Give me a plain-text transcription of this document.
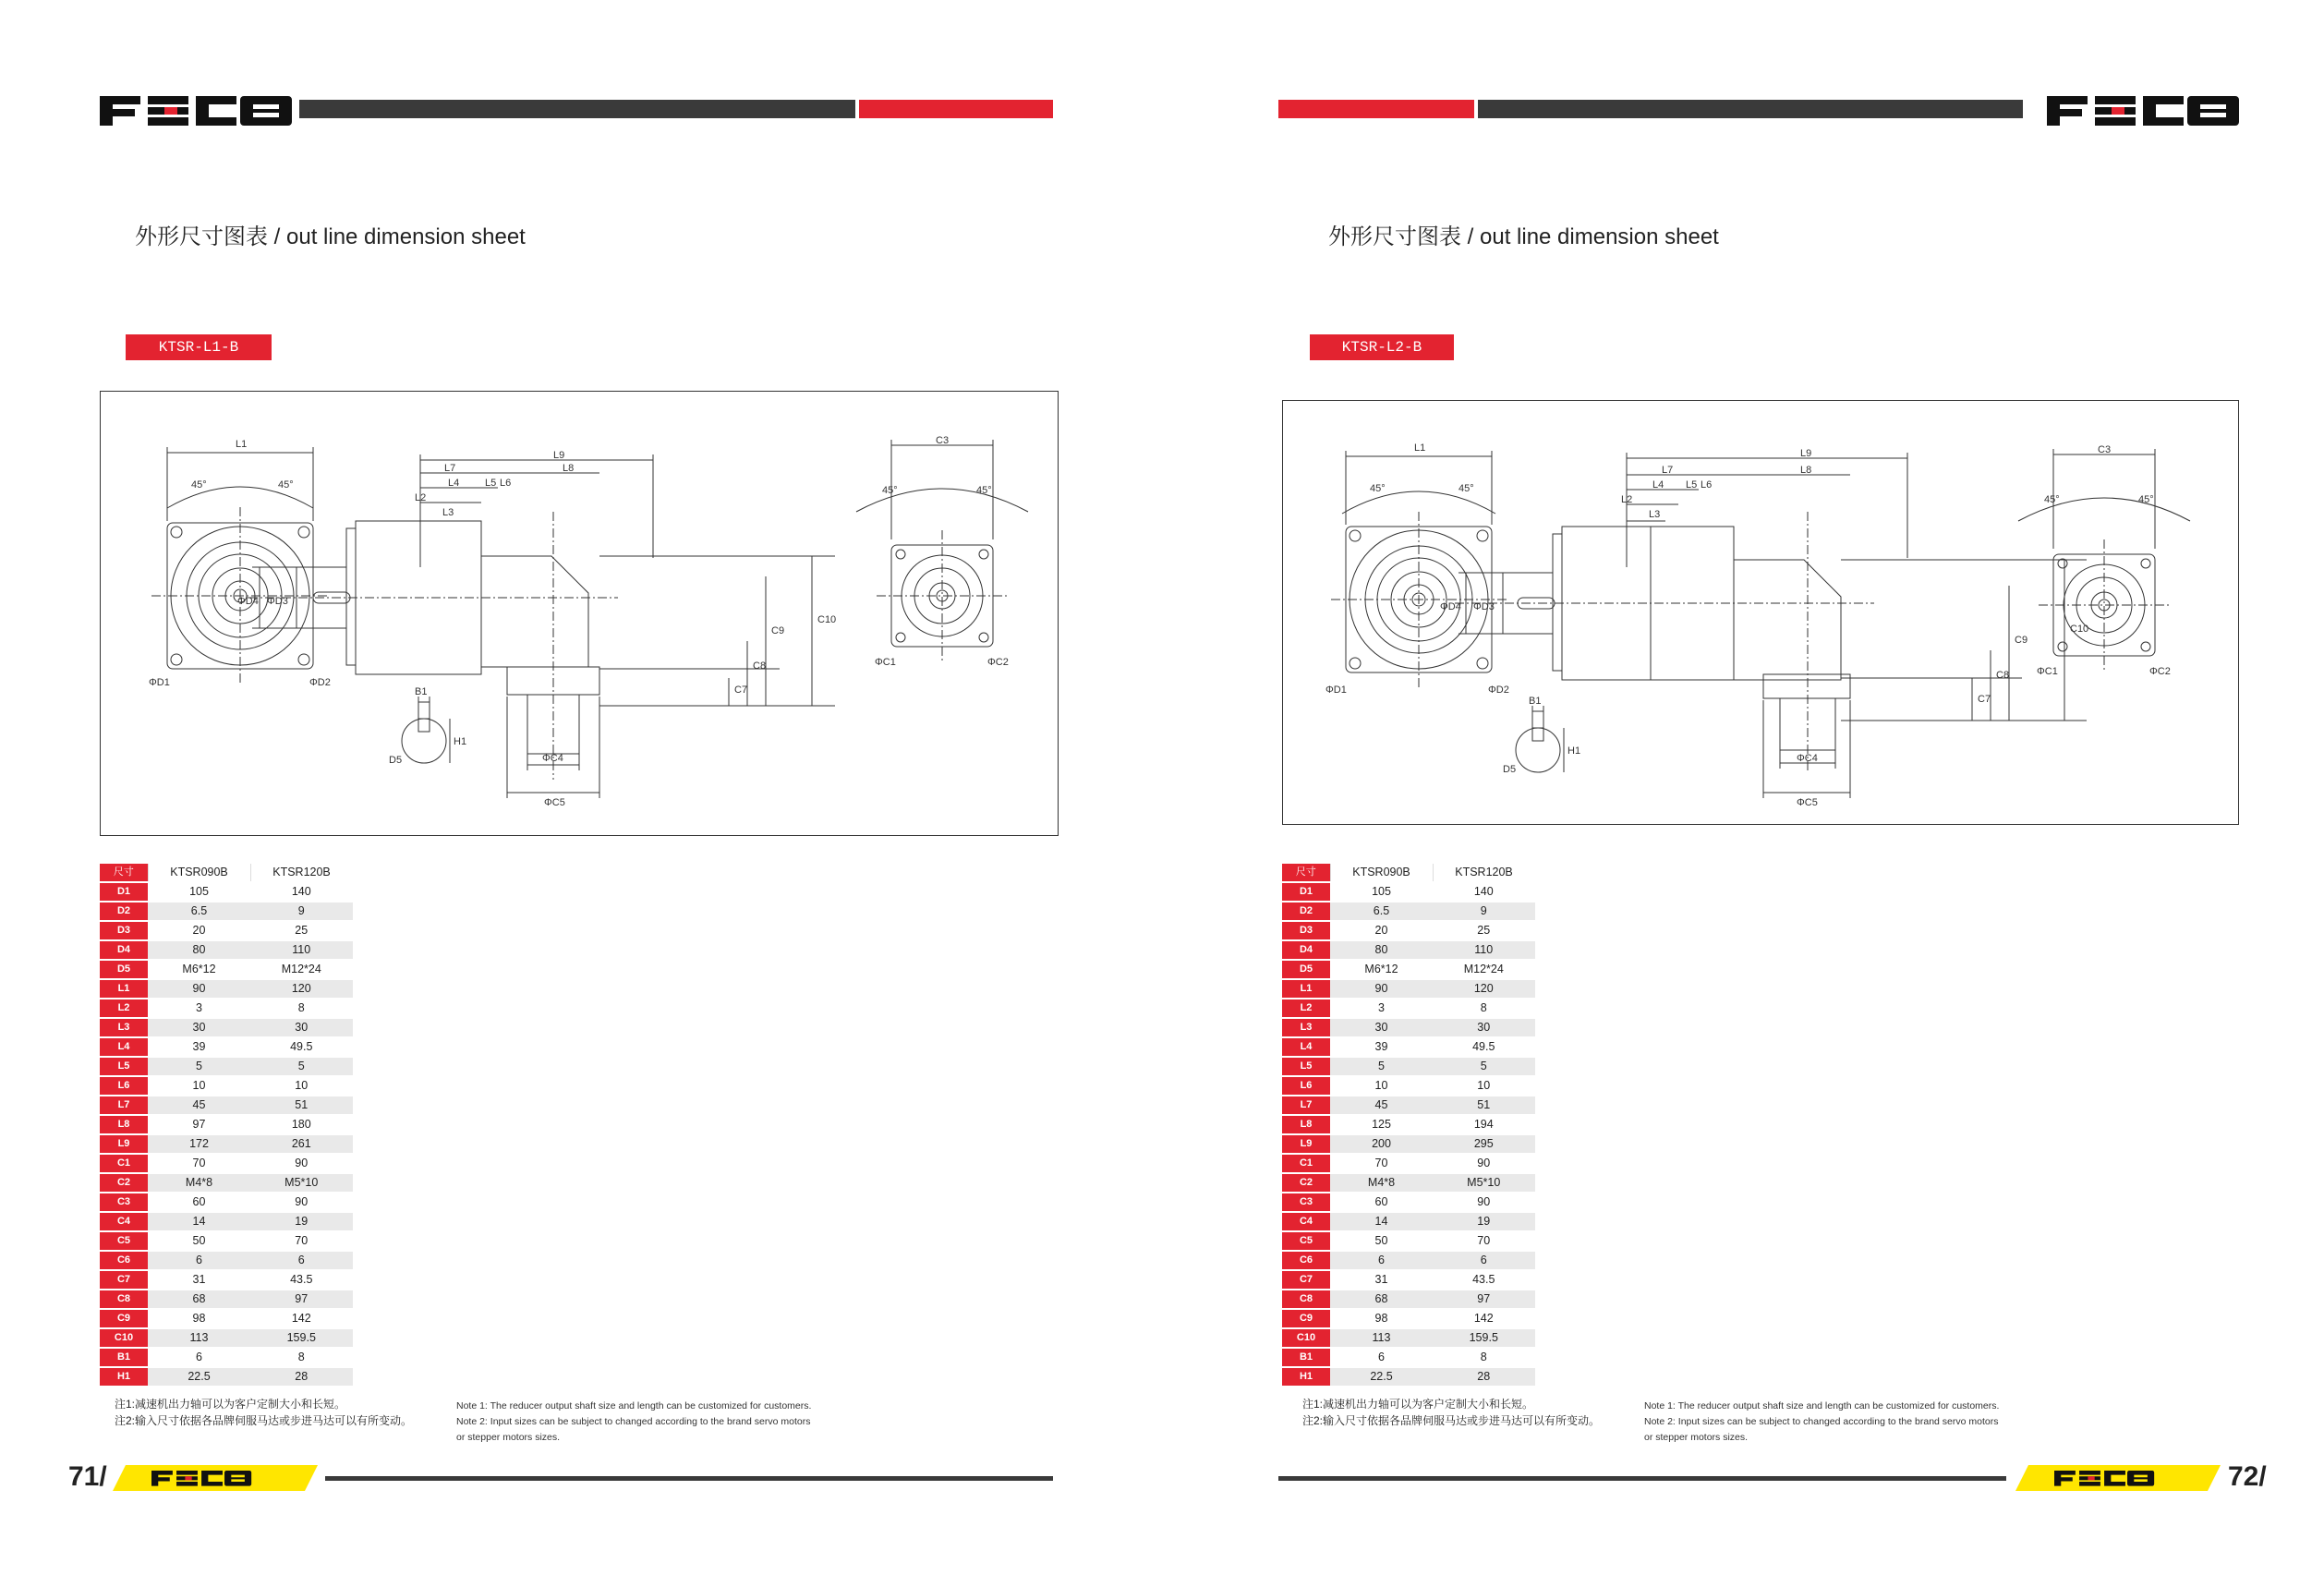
外形尺寸图表 / out line dimension sheet
KTSR-L1-B
L1
45°	45°
ΦD1	ΦD2
L9
L8
L7
L4	L5 L6
L2
L3
ΦD4 ΦD3
C10
C9
C8
C7
ΦC4
ΦC5
B1
H1
D5
C3
45°	45°
ΦC1	ΦC2
尺寸	KTSR090B	KTSR120B
D1	105	140
D2	6.5	9
D3	20	25
D4	80	110
D5	M6*12	M12*24
L1	90	120
L2	3	8
L3	30	30
L4	39	49.5
L5	5	5
L6	10	10
L7	45	51
L8	97	180
L9	172	261
C1	70	90
C2	M4*8	M5*10
C3	60	90
C4	14	19
C5	50	70
C6	6	6
C7	31	43.5
C8	68	97
C9	98	142
C10	113	159.5
B1	6	8
H1	22.5	28
注1:减速机出力轴可以为客户定制大小和长短。
注2:输入尺寸依据各品牌伺服马达或步进马达可以有所变动。
Note 1: The reducer output shaft size and length can be customized for customers.
Note 2: Input sizes can be subject to changed according to the brand servo motors
or stepper motors sizes.
71/
外形尺寸图表 / out line dimension sheet
KTSR-L2-B
L1
45°	45°
ΦD1	ΦD2
L9
L8
L7
L4 L5 L6
L2
L3
ΦD4 ΦD3
C10
C9
C8
C7
ΦC4
ΦC5
B1
H1
D5
C3
45°	45°
ΦC1	ΦC2
尺寸	KTSR090B	KTSR120B
D1	105	140
D2	6.5	9
D3	20	25
D4	80	110
D5	M6*12	M12*24
L1	90	120
L2	3	8
L3	30	30
L4	39	49.5
L5	5	5
L6	10	10
L7	45	51
L8	125	194
L9	200	295
C1	70	90
C2	M4*8	M5*10
C3	60	90
C4	14	19
C5	50	70
C6	6	6
C7	31	43.5
C8	68	97
C9	98	142
C10	113	159.5
B1	6	8
H1	22.5	28
注1:减速机出力轴可以为客户定制大小和长短。
注2:输入尺寸依据各品牌伺服马达或步进马达可以有所变动。
Note 1: The reducer output shaft size and length can be customized for customers.
Note 2: Input sizes can be subject to changed according to the brand servo motors
or stepper motors sizes.
72/
